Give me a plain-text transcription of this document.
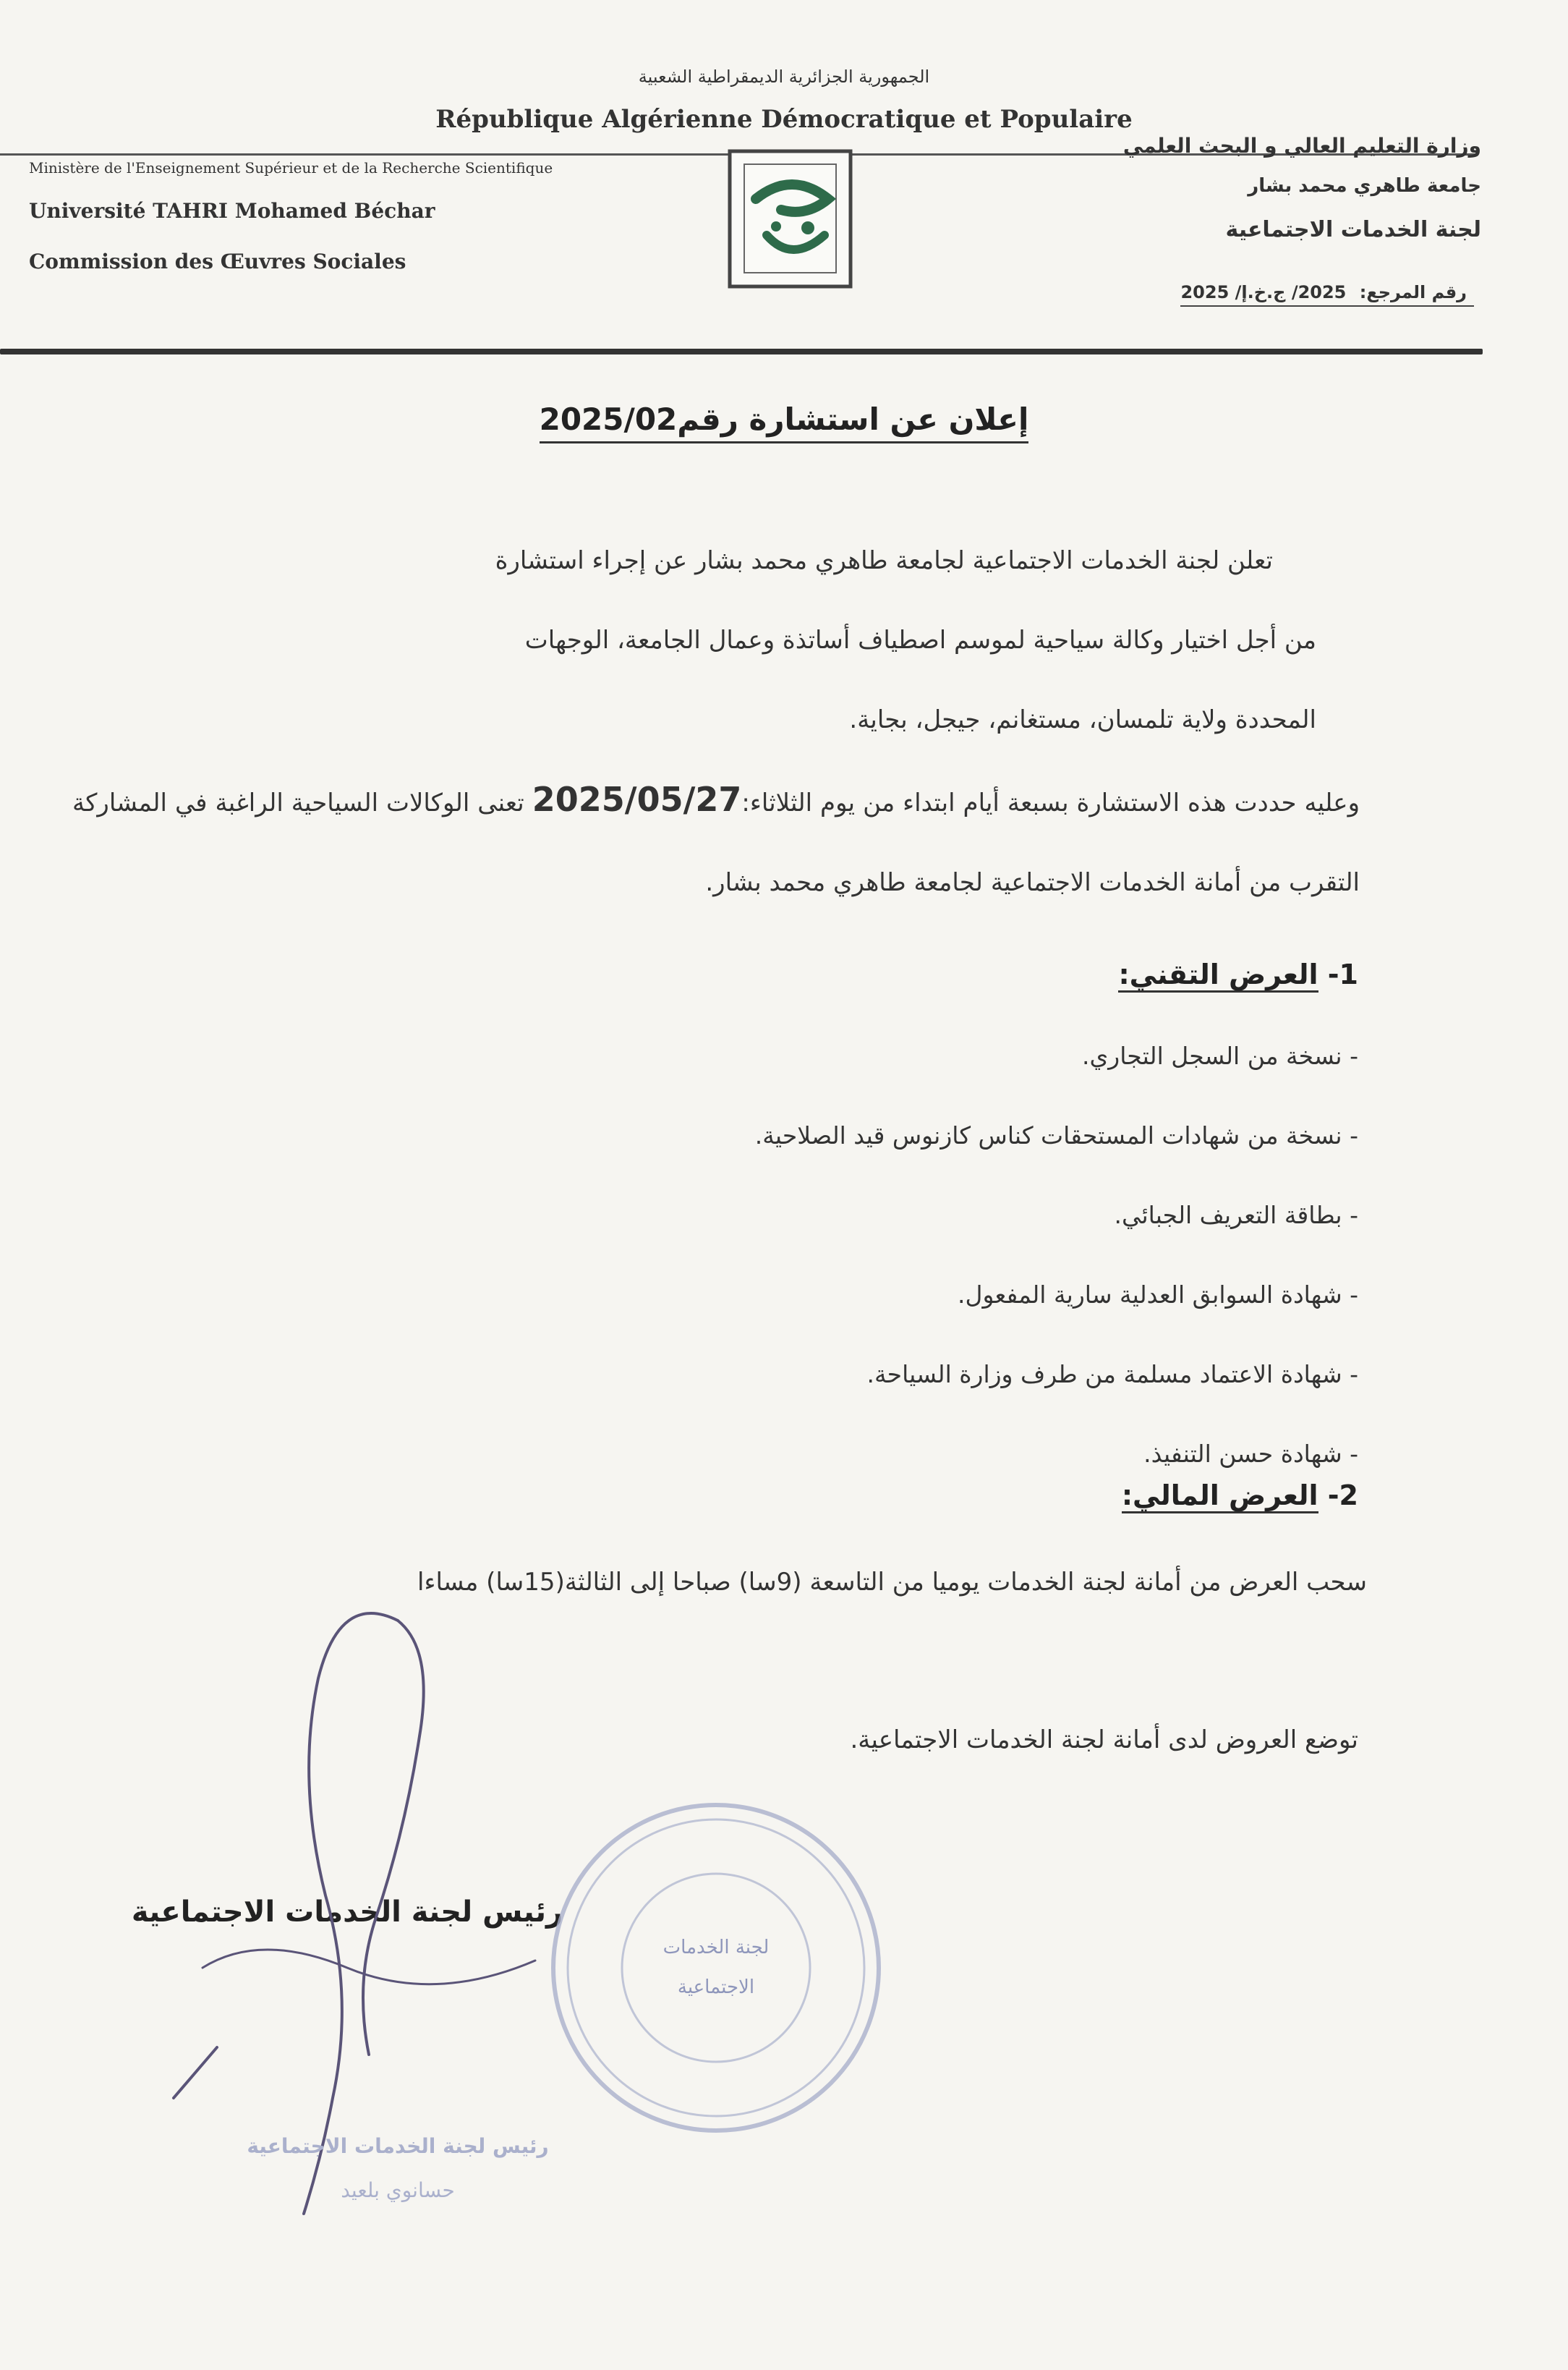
الجمهورية الجزائرية الديمقراطية الشعبية
République Algérienne Démocratique et Populaire
Ministère de l'Enseignement Supérieur et de la Recherche Scientifique
Université TAHRI Mohamed Béchar
Commission des Œuvres Sociales
وزارة التعليم العالي و البحث العلمي
جامعة طاهري محمد بشار
لجنة الخدمات الاجتماعية
رقم المرجع: 2025/ ج.خ.إ/ 2025
إعلان عن استشارة رقم2025/02
تعلن لجنة الخدمات الاجتماعية لجامعة طاهري محمد بشار عن إجراء استشارة
من أجل اختيار وكالة سياحية لموسم اصطياف أساتذة وعمال الجامعة، الوجهات
المحددة ولاية تلمسان، مستغانم، جيجل، بجاية.
وعليه حددت هذه الاستشارة بسبعة أيام ابتداء من يوم الثلاثاء:2025/05/27 تعنى الوكالات السياحية الراغبة في المشاركة التقرب من أمانة الخدمات الاجتماعية لجامعة طاهري محمد بشار.
1- العرض التقني:
- نسخة من السجل التجاري.
- نسخة من شهادات المستحقات كناس كازنوس قيد الصلاحية.
- بطاقة التعريف الجبائي.
- شهادة السوابق العدلية سارية المفعول.
- شهادة الاعتماد مسلمة من طرف وزارة السياحة.
- شهادة حسن التنفيذ.
2- العرض المالي:
سحب العرض من أمانة لجنة الخدمات يوميا من التاسعة (9سا) صباحا إلى الثالثة(15سا) مساءا
توضع العروض لدى أمانة لجنة الخدمات الاجتماعية.
رئيس لجنة الخدمات الاجتماعية
لجنة الخدمات
الاجتماعية
رئيس لجنة الخدمات الاجتماعية
حسانوي بلعيد
